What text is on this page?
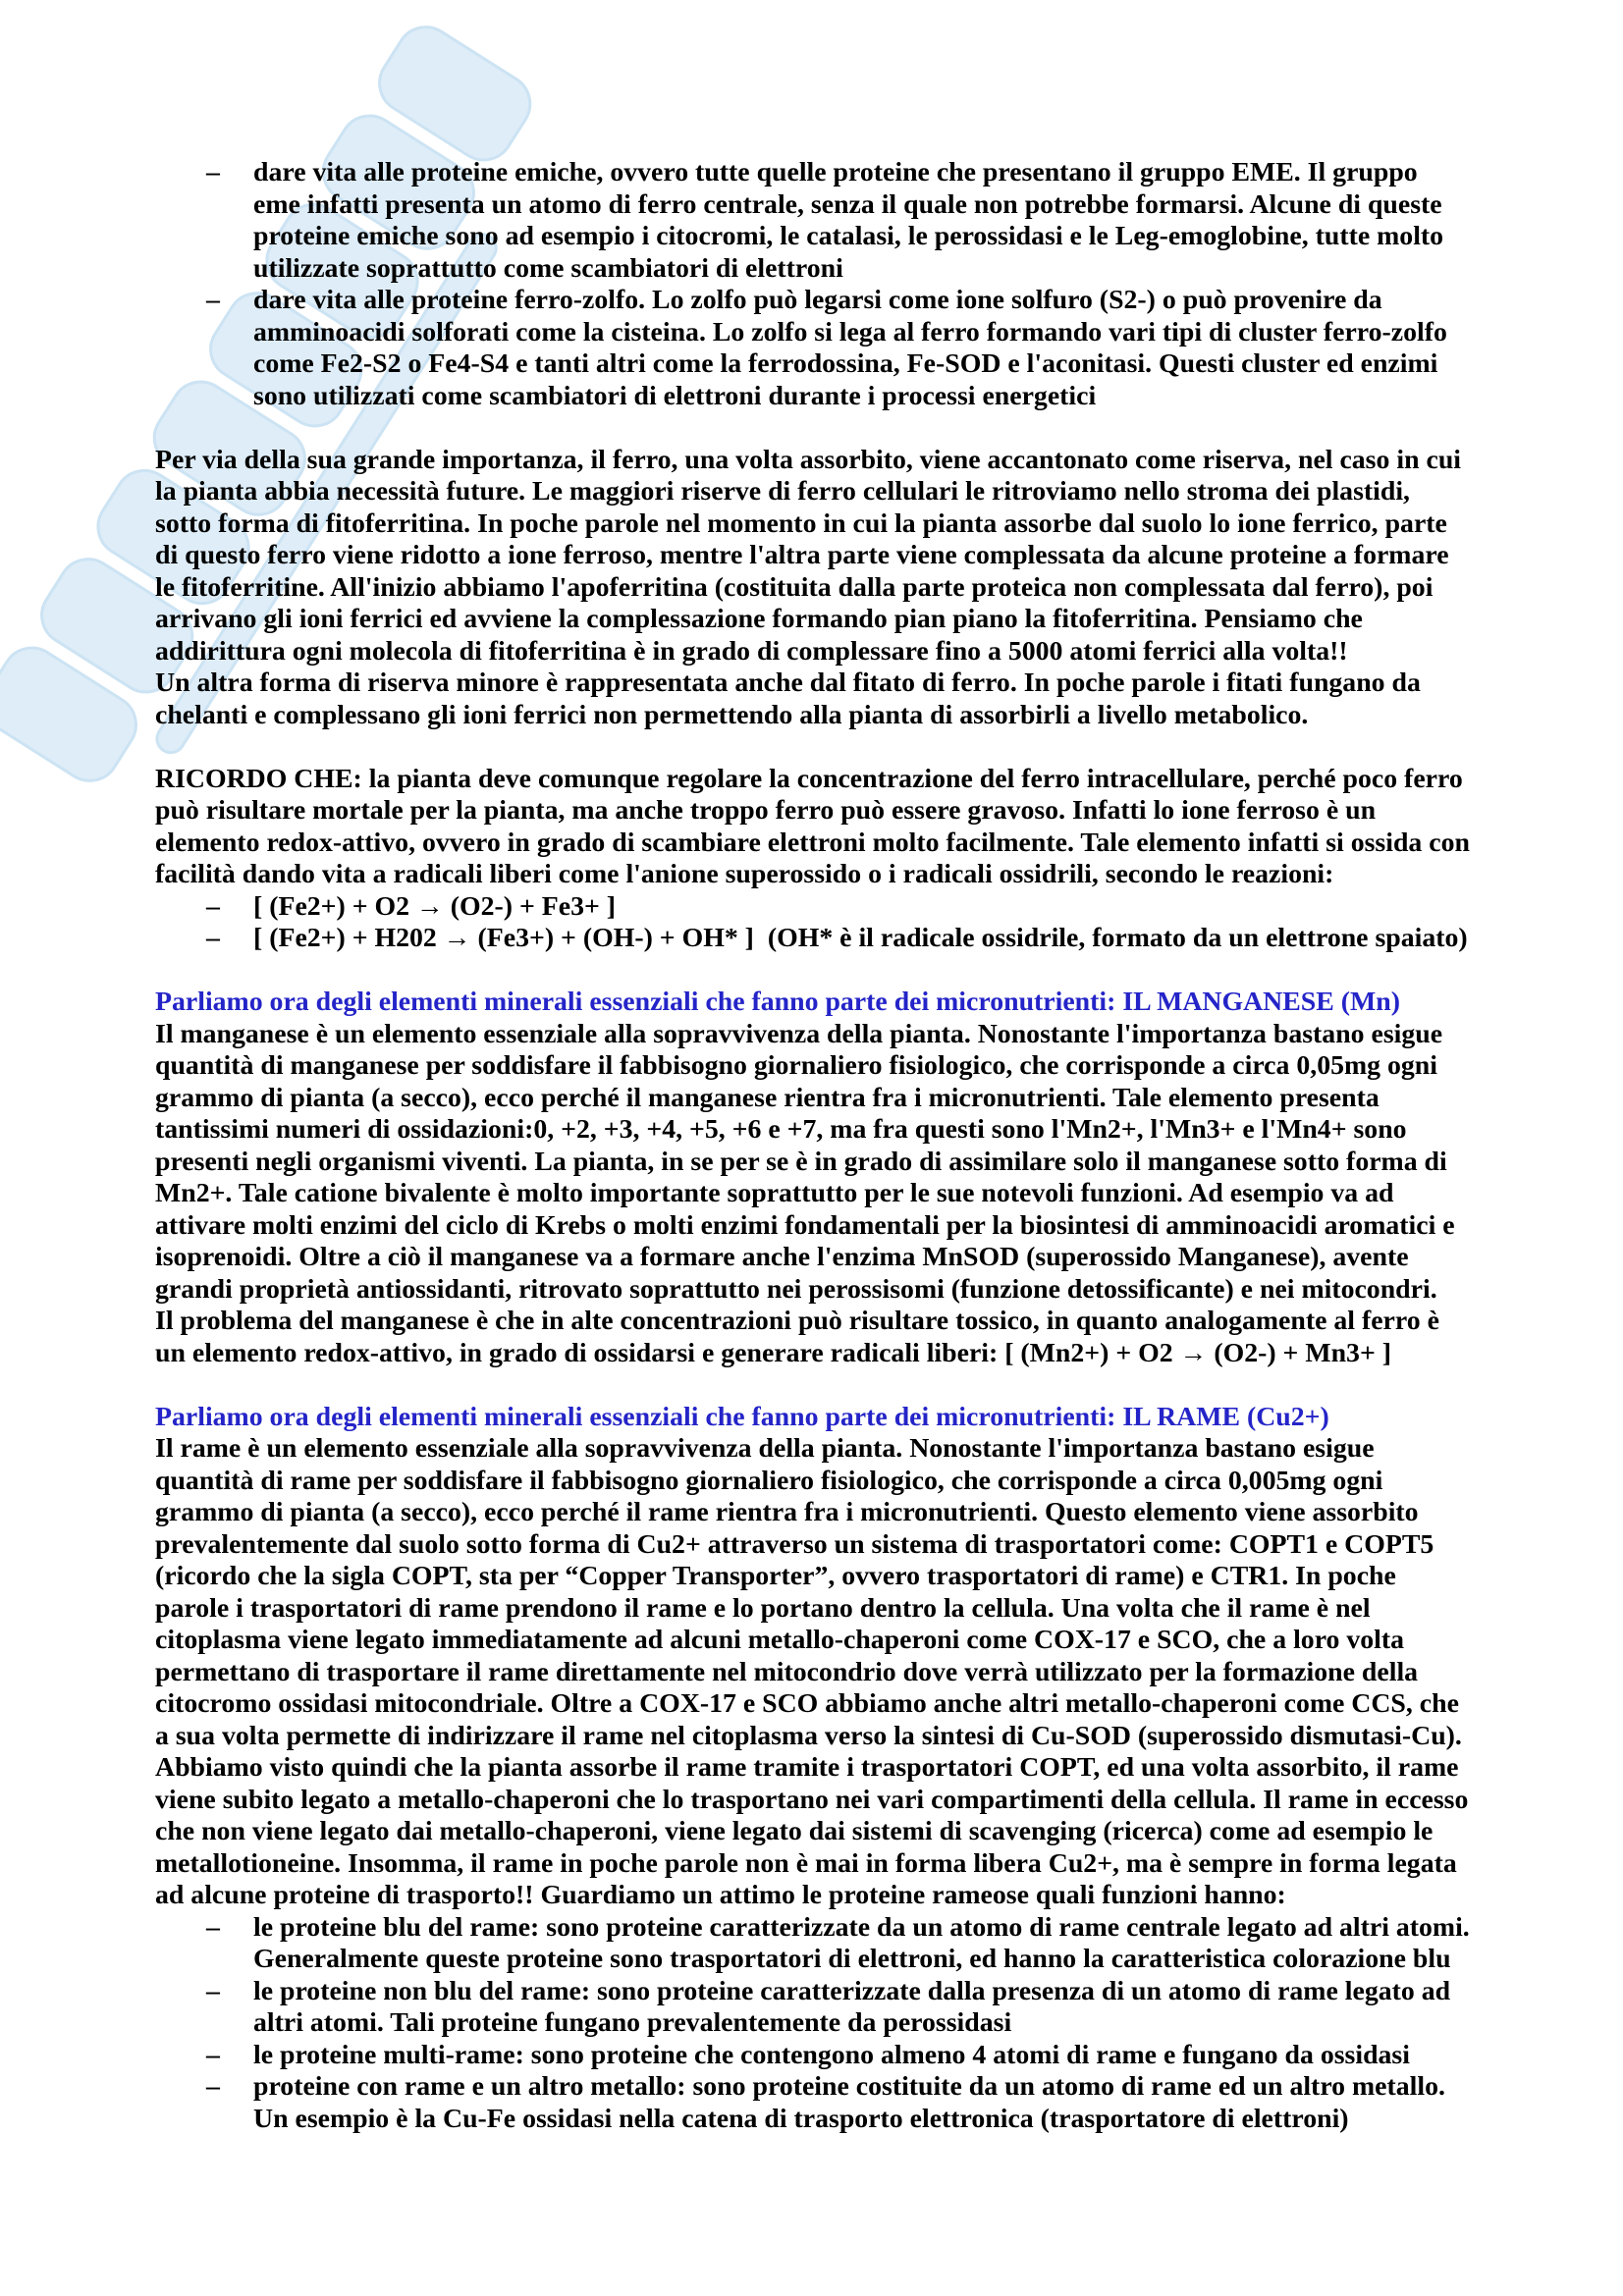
– dare vita alle proteine emiche, ovvero tutte quelle proteine che presentano il gruppo EME. Il gruppo
eme infatti presenta un atomo di ferro centrale, senza il quale non potrebbe formarsi. Alcune di queste
proteine emiche sono ad esempio i citocromi, le catalasi, le perossidasi e le Leg-emoglobine, tutte molto
utilizzate soprattutto come scambiatori di elettroni
– dare vita alle proteine ferro-zolfo. Lo zolfo può legarsi come ione solfuro (S2-) o può provenire da
amminoacidi solforati come la cisteina. Lo zolfo si lega al ferro formando vari tipi di cluster ferro-zolfo
come Fe2-S2 o Fe4-S4 e tanti altri come la ferrodossina, Fe-SOD e l'aconitasi. Questi cluster ed enzimi
sono utilizzati come scambiatori di elettroni durante i processi energetici
Per via della sua grande importanza, il ferro, una volta assorbito, viene accantonato come riserva, nel caso in cui
la pianta abbia necessità future. Le maggiori riserve di ferro cellulari le ritroviamo nello stroma dei plastidi,
sotto forma di fitoferritina. In poche parole nel momento in cui la pianta assorbe dal suolo lo ione ferrico, parte
di questo ferro viene ridotto a ione ferroso, mentre l'altra parte viene complessata da alcune proteine a formare
le fitoferritine. All'inizio abbiamo l'apoferritina (costituita dalla parte proteica non complessata dal ferro), poi
arrivano gli ioni ferrici ed avviene la complessazione formando pian piano la fitoferritina. Pensiamo che
addirittura ogni molecola di fitoferritina è in grado di complessare fino a 5000 atomi ferrici alla volta!!
Un altra forma di riserva minore è rappresentata anche dal fitato di ferro. In poche parole i fitati fungano da
chelanti e complessano gli ioni ferrici non permettendo alla pianta di assorbirli a livello metabolico.
RICORDO CHE: la pianta deve comunque regolare la concentrazione del ferro intracellulare, perché poco ferro
può risultare mortale per la pianta, ma anche troppo ferro può essere gravoso. Infatti lo ione ferroso è un
elemento redox-attivo, ovvero in grado di scambiare elettroni molto facilmente. Tale elemento infatti si ossida con
facilità dando vita a radicali liberi come l'anione superossido o i radicali ossidrili, secondo le reazioni:
– [ (Fe2+) + O2 → (O2-) + Fe3+ ]
– [ (Fe2+) + H202 → (Fe3+) + (OH-) + OH* ]  (OH* è il radicale ossidrile, formato da un elettrone spaiato)
Parliamo ora degli elementi minerali essenziali che fanno parte dei micronutrienti: IL MANGANESE (Mn)
Il manganese è un elemento essenziale alla sopravvivenza della pianta. Nonostante l'importanza bastano esigue
quantità di manganese per soddisfare il fabbisogno giornaliero fisiologico, che corrisponde a circa 0,05mg ogni
grammo di pianta (a secco), ecco perché il manganese rientra fra i micronutrienti. Tale elemento presenta
tantissimi numeri di ossidazioni:0, +2, +3, +4, +5, +6 e +7, ma fra questi sono l'Mn2+, l'Mn3+ e l'Mn4+ sono
presenti negli organismi viventi. La pianta, in se per se è in grado di assimilare solo il manganese sotto forma di
Mn2+. Tale catione bivalente è molto importante soprattutto per le sue notevoli funzioni. Ad esempio va ad
attivare molti enzimi del ciclo di Krebs o molti enzimi fondamentali per la biosintesi di amminoacidi aromatici e
isoprenoidi. Oltre a ciò il manganese va a formare anche l'enzima MnSOD (superossido Manganese), avente
grandi proprietà antiossidanti, ritrovato soprattutto nei perossisomi (funzione detossificante) e nei mitocondri.
Il problema del manganese è che in alte concentrazioni può risultare tossico, in quanto analogamente al ferro è
un elemento redox-attivo, in grado di ossidarsi e generare radicali liberi: [ (Mn2+) + O2 → (O2-) + Mn3+ ]
Parliamo ora degli elementi minerali essenziali che fanno parte dei micronutrienti: IL RAME (Cu2+)
Il rame è un elemento essenziale alla sopravvivenza della pianta. Nonostante l'importanza bastano esigue
quantità di rame per soddisfare il fabbisogno giornaliero fisiologico, che corrisponde a circa 0,005mg ogni
grammo di pianta (a secco), ecco perché il rame rientra fra i micronutrienti. Questo elemento viene assorbito
prevalentemente dal suolo sotto forma di Cu2+ attraverso un sistema di trasportatori come: COPT1 e COPT5
(ricordo che la sigla COPT, sta per “Copper Transporter”, ovvero trasportatori di rame) e CTR1. In poche
parole i trasportatori di rame prendono il rame e lo portano dentro la cellula. Una volta che il rame è nel
citoplasma viene legato immediatamente ad alcuni metallo-chaperoni come COX-17 e SCO, che a loro volta
permettano di trasportare il rame direttamente nel mitocondrio dove verrà utilizzato per la formazione della
citocromo ossidasi mitocondriale. Oltre a COX-17 e SCO abbiamo anche altri metallo-chaperoni come CCS, che
a sua volta permette di indirizzare il rame nel citoplasma verso la sintesi di Cu-SOD (superossido dismutasi-Cu).
Abbiamo visto quindi che la pianta assorbe il rame tramite i trasportatori COPT, ed una volta assorbito, il rame
viene subito legato a metallo-chaperoni che lo trasportano nei vari compartimenti della cellula. Il rame in eccesso
che non viene legato dai metallo-chaperoni, viene legato dai sistemi di scavenging (ricerca) come ad esempio le
metallotioneine. Insomma, il rame in poche parole non è mai in forma libera Cu2+, ma è sempre in forma legata
ad alcune proteine di trasporto!! Guardiamo un attimo le proteine rameose quali funzioni hanno:
– le proteine blu del rame: sono proteine caratterizzate da un atomo di rame centrale legato ad altri atomi.
Generalmente queste proteine sono trasportatori di elettroni, ed hanno la caratteristica colorazione blu
– le proteine non blu del rame: sono proteine caratterizzate dalla presenza di un atomo di rame legato ad
altri atomi. Tali proteine fungano prevalentemente da perossidasi
– le proteine multi-rame: sono proteine che contengono almeno 4 atomi di rame e fungano da ossidasi
– proteine con rame e un altro metallo: sono proteine costituite da un atomo di rame ed un altro metallo.
Un esempio è la Cu-Fe ossidasi nella catena di trasporto elettronica (trasportatore di elettroni)
